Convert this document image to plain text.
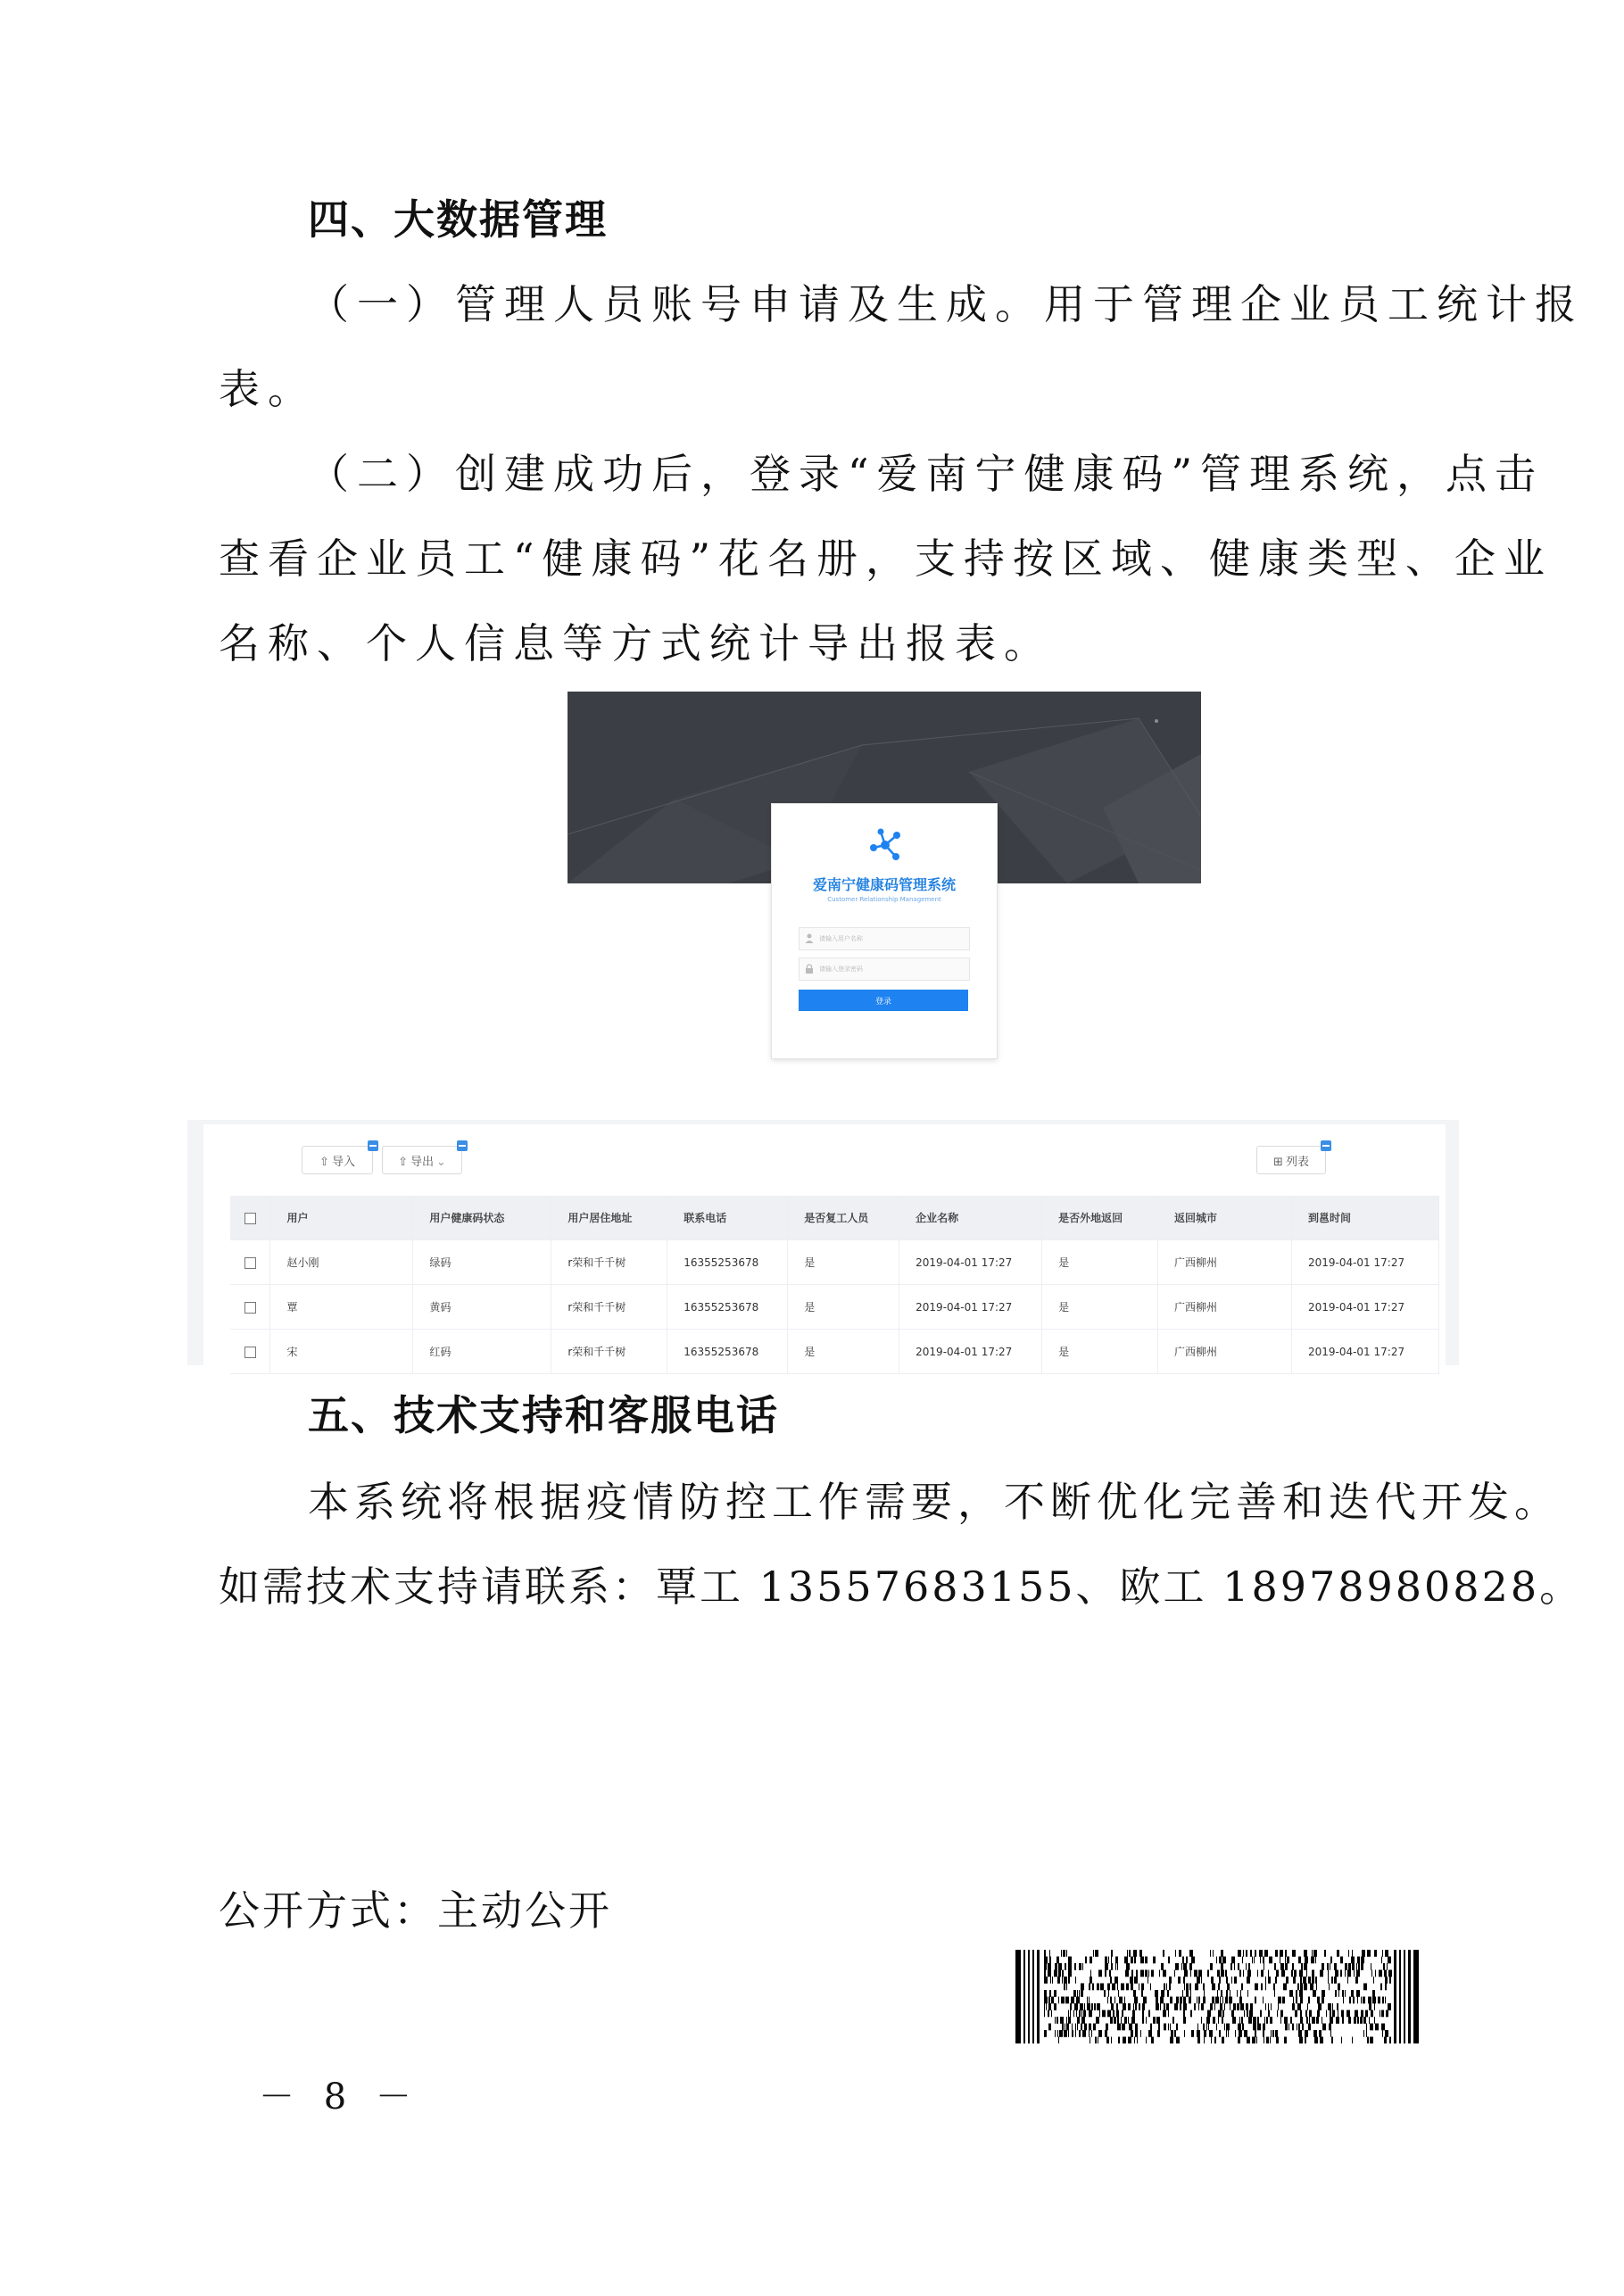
四、大数据管理
（一）管理人员账号申请及生成。用于管理企业员工统计报
表。
（二）创建成功后，登录“爱南宁健康码”管理系统，点击
查看企业员工“健康码”花名册，支持按区域、健康类型、企业
名称、个人信息等方式统计导出报表。
爱南宁健康码管理系统
Customer Relationship Management
请输入用户名称
请输入登录密码
登录
⇧ 导入	⇧ 导出 ⌄	⊞ 列表
	用户	用户健康码状态	用户居住地址	联系电话	是否复工人员	企业名称	是否外地返回	返回城市	到邕时间
	赵小刚	绿码	r荣和千千树	16355253678	是	2019-04-01 17:27	是	广西柳州	2019-04-01 17:27
	覃	黄码	r荣和千千树	16355253678	是	2019-04-01 17:27	是	广西柳州	2019-04-01 17:27
	宋	红码	r荣和千千树	16355253678	是	2019-04-01 17:27	是	广西柳州	2019-04-01 17:27
五、技术支持和客服电话
本系统将根据疫情防控工作需要，不断优化完善和迭代开发。
如需技术支持请联系：覃工 13557683155、欧工 18978980828。
公开方式：主动公开
－ 8 －
